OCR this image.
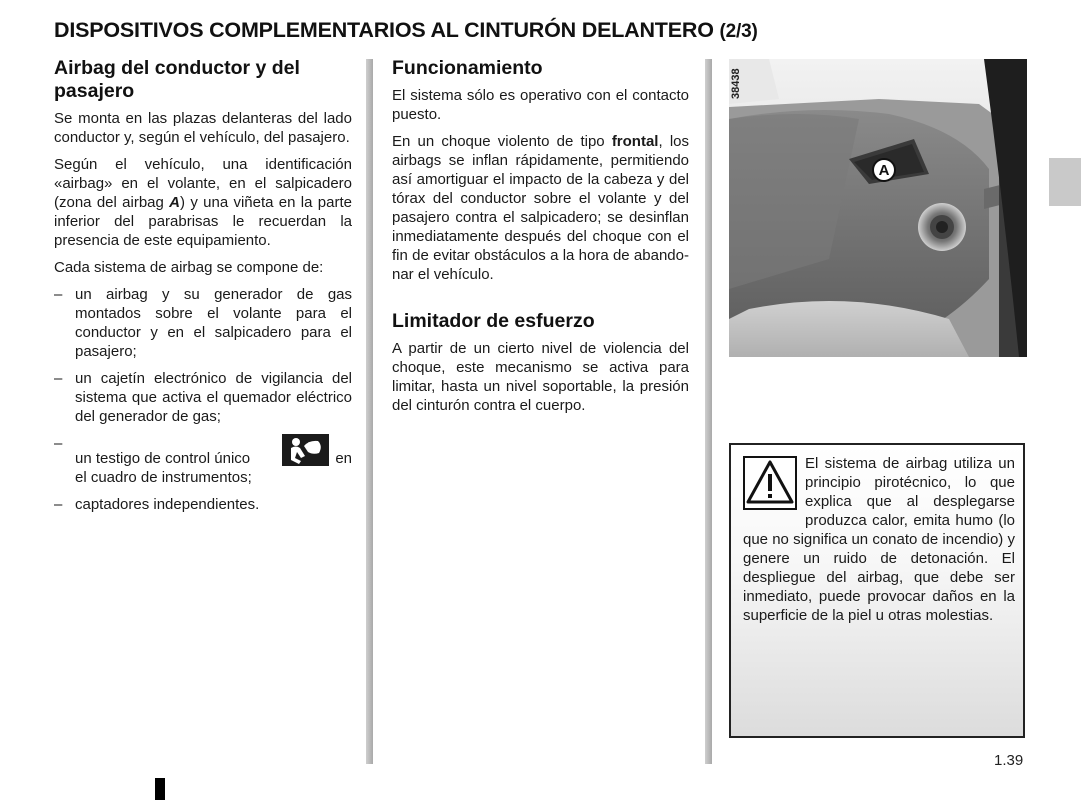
DISPOSITIVOS COMPLEMENTARIOS AL CINTURÓN DELANTERO (2/3)
Airbag del conductor y del pasajero

Se monta en las plazas delanteras del lado conductor y, según el vehículo, del pasajero.

Según el vehículo, una identificación «airbag» en el volante, en el salpicadero (zona del airbag A) y una viñeta en la parte inferior del parabrisas le recuerdan la presencia de este equipamiento.

Cada sistema de airbag se compone de:

– un airbag y su generador de gas montados sobre el volante para el conductor y en el salpicadero para el pasajero;
– un cajetín electrónico de vigilancia del sistema que activa el quemador eléctrico del generador de gas;
– un testigo de control único	en
el cuadro de instrumentos;
– captadores independientes.
Funcionamiento

El sistema sólo es operativo con el contacto puesto.

En un choque violento de tipo frontal, los airbags se inflan rápidamente, permitiendo así amortiguar el impacto de la cabeza y del tórax del conductor sobre el volante y del pasajero contra el salpicadero; se desinflan inmediatamente después del choque con el fin de evitar obstáculos a la hora de abandonar el vehículo.

Limitador de esfuerzo

A partir de un cierto nivel de violencia del choque, este mecanismo se activa para limitar, hasta un nivel soportable, la presión del cinturón contra el cuerpo.

A
38438
El sistema de airbag utiliza un principio pirotécnico, lo que explica que al desplegarse produzca calor, emita humo (lo que no significa un conato de incendio) y genere un ruido de detonación. El despliegue del airbag, que debe ser inmediato, puede provocar daños en la superficie de la piel u otras molestias.
1.39
